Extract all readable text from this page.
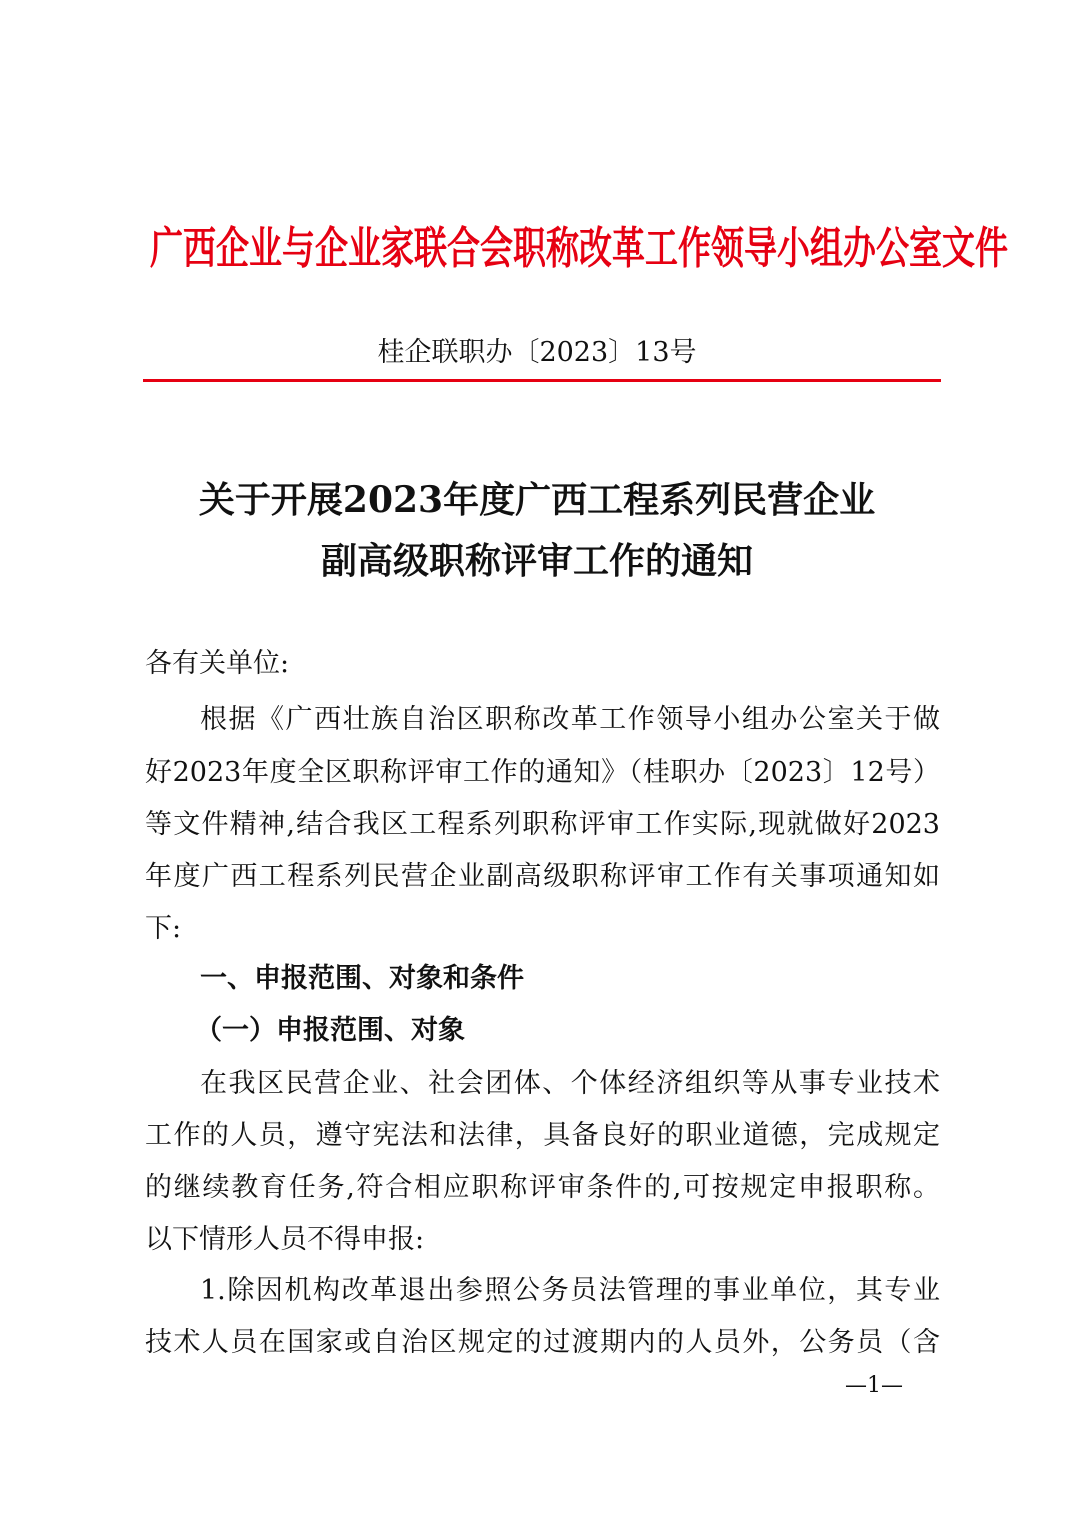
广西企业与企业家联合会职称改革工作领导小组办公室文件
桂企联职办〔2023〕13号
关于开展2023年度广西工程系列民营企业
副高级职称评审工作的通知
各有关单位:
根据《广西壮族自治区职称改革工作领导小组办公室关于做
好2023年度全区职称评审工作的通知》（桂职办〔2023〕12号）
等文件精神,结合我区工程系列职称评审工作实际,现就做好2023
年度广西工程系列民营企业副高级职称评审工作有关事项通知如
下:
一、申报范围、对象和条件
（一）申报范围、对象
在我区民营企业、社会团体、个体经济组织等从事专业技术
工作的人员，遵守宪法和法律，具备良好的职业道德，完成规定
的继续教育任务,符合相应职称评审条件的,可按规定申报职称。
以下情形人员不得申报:
1.除因机构改革退出参照公务员法管理的事业单位，其专业
技术人员在国家或自治区规定的过渡期内的人员外，公务员（含
—1—
